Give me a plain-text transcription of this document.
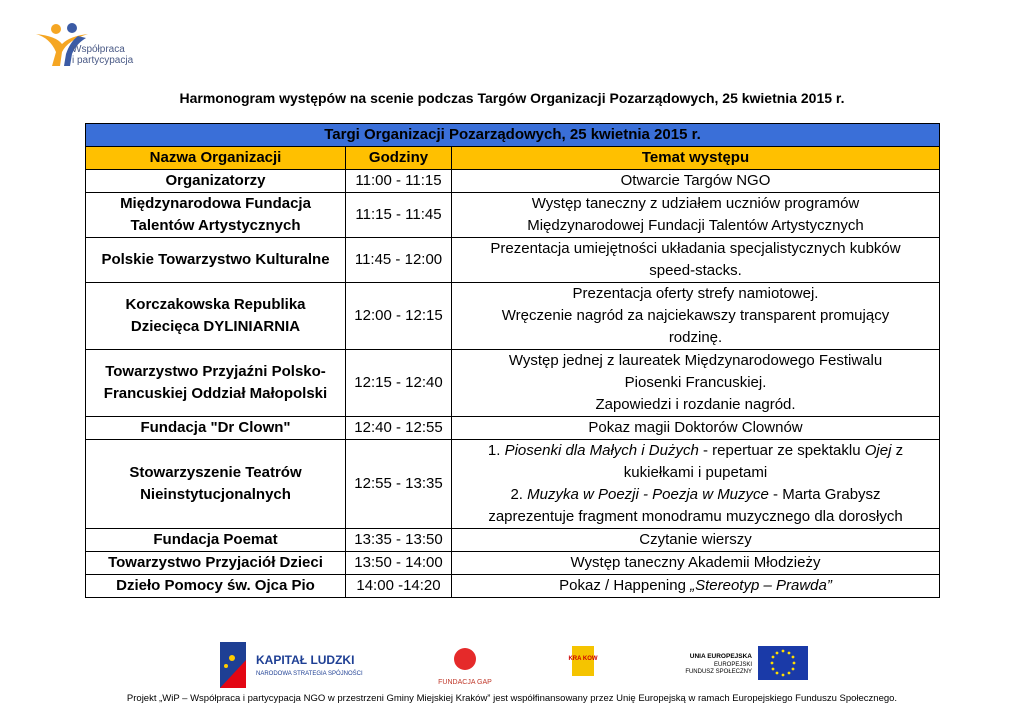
Współpraca
i partycypacja
Harmonogram występów na scenie podczas Targów Organizacji Pozarządowych, 25 kwietnia 2015 r.
Targi Organizacji Pozarządowych, 25 kwietnia 2015 r.		
Nazwa Organizacji	Godziny	Temat występu
Organizatorzy	11:00 - 11:15	Otwarcie Targów NGO

Międzynarodowa Fundacja Talentów Artystycznych	11:15 - 11:45	Występ taneczny z udziałem uczniów programów
Międzynarodowej Fundacji Talentów Artystycznych

Polskie Towarzystwo Kulturalne	11:45 - 12:00	Prezentacja umiejętności układania specjalistycznych kubków
speed-stacks.

Korczakowska Republika Dziecięca DYLINIARNIA	12:00 - 12:15	Prezentacja oferty strefy namiotowej.
Wręczenie nagród za najciekawszy transparent promujący
rodzinę.

Towarzystwo Przyjaźni Polsko-Francuskiej Oddział Małopolski	12:15 - 12:40	Występ jednej z laureatek Międzynarodowego Festiwalu
Piosenki Francuskiej.
Zapowiedzi i rozdanie nagród.

Fundacja "Dr Clown"	12:40 - 12:55	Pokaz magii Doktorów Clownów

Stowarzyszenie Teatrów Nieinstytucjonalnych	12:55 - 13:35	1. Piosenki dla Małych i Dużych - repertuar ze spektaklu Ojej z
kukiełkami i pupetami
2. Muzyka w Poezji - Poezja w Muzyce - Marta Grabysz
zaprezentuje fragment monodramu muzycznego dla dorosłych

Fundacja Poemat	13:35 - 13:50	Czytanie wierszy

Towarzystwo Przyjaciół Dzieci	13:50 - 14:00	Występ taneczny Akademii Młodzieży

Dzieło Pomocy św. Ojca Pio	14:00 -14:20	Pokaz / Happening „Stereotyp – Prawda”
KAPITAŁ LUDZKI
NARODOWA STRATEGIA SPÓJNOŚCI
FUNDACJA GAP
KRA KOW	UNIA EUROPEJSKA
EUROPEJSKI
FUNDUSZ SPOŁECZNY
Projekt „WiP – Współpraca i partycypacja NGO w przestrzeni Gminy Miejskiej Kraków” jest współfinansowany przez Unię Europejską w ramach Europejskiego Funduszu Społecznego.
